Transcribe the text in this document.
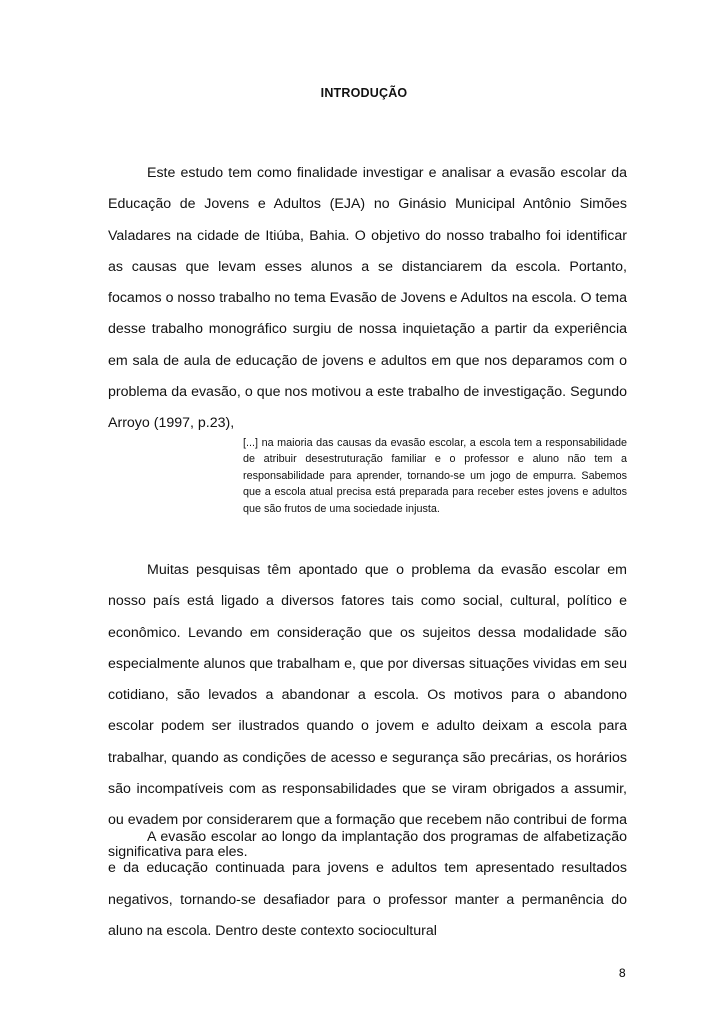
INTRODUÇÃO

Este estudo tem como finalidade investigar e analisar a evasão escolar da Educação de Jovens e Adultos (EJA) no Ginásio Municipal Antônio Simões Valadares na cidade de Itiúba, Bahia. O objetivo do nosso trabalho foi identificar as causas que levam esses alunos a se distanciarem da escola. Portanto, focamos o nosso trabalho no tema Evasão de Jovens e Adultos na escola. O tema desse trabalho monográfico surgiu de nossa inquietação a partir da experiência em sala de aula de educação de jovens e adultos em que nos deparamos com o problema da evasão, o que nos motivou a este trabalho de investigação. Segundo Arroyo (1997, p.23),

[...] na maioria das causas da evasão escolar, a escola tem a responsabilidade de atribuir desestruturação familiar e o professor e aluno não tem a responsabilidade para aprender, tornando-se um jogo de empurra. Sabemos que a escola atual precisa está preparada para receber estes jovens e adultos que são frutos de uma sociedade injusta.

Muitas pesquisas têm apontado que o problema da evasão escolar em nosso país está ligado a diversos fatores tais como social, cultural, político e econômico. Levando em consideração que os sujeitos dessa modalidade são especialmente alunos que trabalham e, que por diversas situações vividas em seu cotidiano, são levados a abandonar a escola. Os motivos para o abandono escolar podem ser ilustrados quando o jovem e adulto deixam a escola para trabalhar, quando as condições de acesso e segurança são precárias, os horários são incompatíveis com as responsabilidades que se viram obrigados a assumir, ou evadem por considerarem que a formação que recebem não contribui de forma significativa para eles.

A evasão escolar ao longo da implantação dos programas de alfabetização e da educação continuada para jovens e adultos tem apresentado resultados negativos, tornando-se desafiador para o professor manter a permanência do aluno na escola. Dentro deste contexto sociocultural

8
